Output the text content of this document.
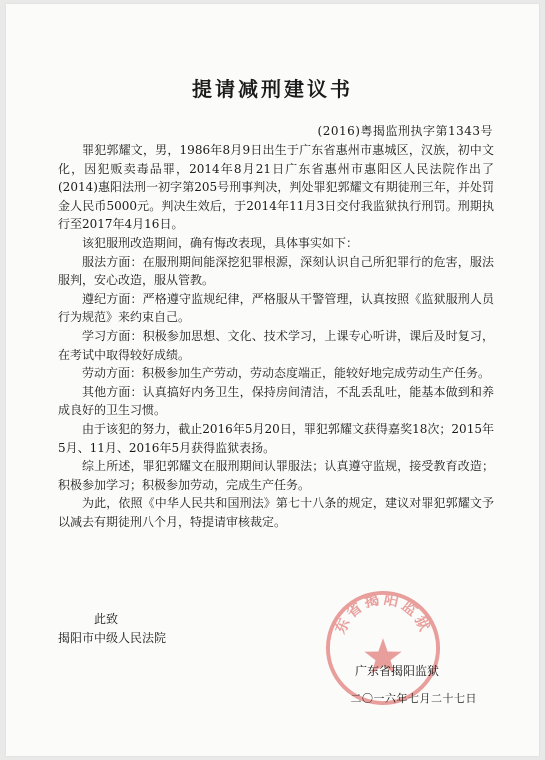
提请减刑建议书
(2016)粤揭监刑执字第1343号

罪犯郭耀文，男，1986年8月9日出生于广东省惠州市惠城区，汉族，初中文化，因犯贩卖毒品罪，2014年8月21日广东省惠州市惠阳区人民法院作出了(2014)惠阳法刑一初字第205号刑事判决，判处罪犯郭耀文有期徒刑三年，并处罚金人民币5000元。判决生效后，于2014年11月3日交付我监狱执行刑罚。刑期执行至2017年4月16日。

该犯服刑改造期间，确有悔改表现，具体事实如下：

服法方面：在服刑期间能深挖犯罪根源，深刻认识自己所犯罪行的危害，服法服判，安心改造，服从管教。

遵纪方面：严格遵守监规纪律，严格服从干警管理，认真按照《监狱服刑人员行为规范》来约束自己。

学习方面：积极参加思想、文化、技术学习，上课专心听讲，课后及时复习，在考试中取得较好成绩。

劳动方面：积极参加生产劳动，劳动态度端正，能较好地完成劳动生产任务。

其他方面：认真搞好内务卫生，保持房间清洁，不乱丢乱吐，能基本做到和养成良好的卫生习惯。

由于该犯的努力，截止2016年5月20日，罪犯郭耀文获得嘉奖18次；2015年5月、11月、2016年5月获得监狱表扬。

综上所述，罪犯郭耀文在服刑期间认罪服法；认真遵守监规，接受教育改造；积极参加学习；积极参加劳动，完成生产任务。

为此，依照《中华人民共和国刑法》第七十八条的规定，建议对罪犯郭耀文予以减去有期徒刑八个月，特提请审核裁定。

此致
揭阳市中级人民法院
东省揭阳监狱
广东省揭阳监狱
二〇一六年七月二十七日
